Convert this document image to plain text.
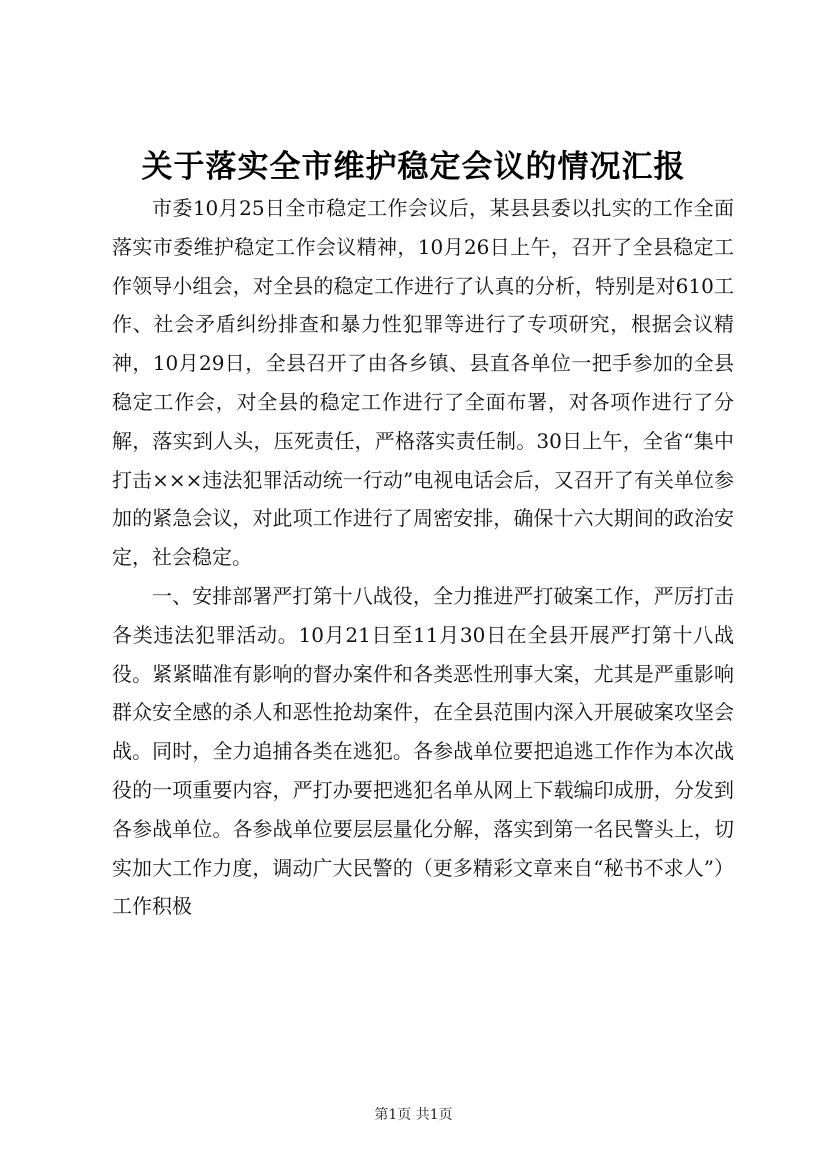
关于落实全市维护稳定会议的情况汇报

市委10月25日全市稳定工作会议后，某县县委以扎实的工作全面落实市委维护稳定工作会议精神，10月26日上午，召开了全县稳定工作领导小组会，对全县的稳定工作进行了认真的分析，特别是对610工作、社会矛盾纠纷排查和暴力性犯罪等进行了专项研究，根据会议精神，10月29日，全县召开了由各乡镇、县直各单位一把手参加的全县稳定工作会，对全县的稳定工作进行了全面布署，对各项作进行了分解，落实到人头，压死责任，严格落实责任制。30日上午，全省“集中打击×××违法犯罪活动统一行动”电视电话会后，又召开了有关单位参加的紧急会议，对此项工作进行了周密安排，确保十六大期间的政治安定，社会稳定。

一、安排部署严打第十八战役，全力推进严打破案工作，严厉打击各类违法犯罪活动。10月21日至11月30日在全县开展严打第十八战役。紧紧瞄准有影响的督办案件和各类恶性刑事大案，尤其是严重影响群众安全感的杀人和恶性抢劫案件，在全县范围内深入开展破案攻坚会战。同时，全力追捕各类在逃犯。各参战单位要把追逃工作作为本次战役的一项重要内容，严打办要把逃犯名单从网上下载编印成册，分发到各参战单位。各参战单位要层层量化分解，落实到第一名民警头上，切实加大工作力度，调动广大民警的（更多精彩文章来自“秘书不求人”）工作积极

第1页 共1页
